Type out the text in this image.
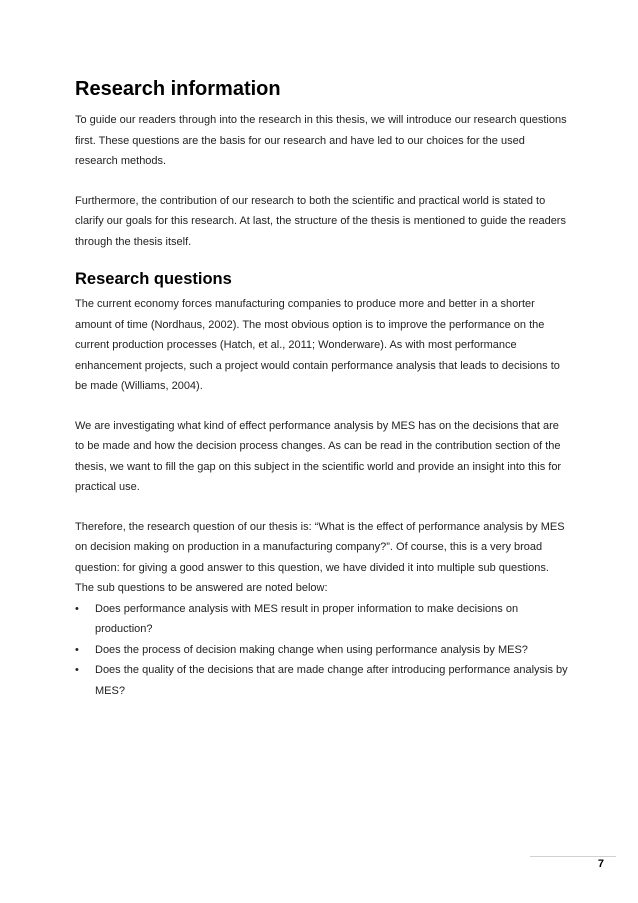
Research information

To guide our readers through into the research in this thesis, we will introduce our research questions first. These questions are the basis for our research and have led to our choices for the used research methods.

Furthermore, the contribution of our research to both the scientific and practical world is stated to clarify our goals for this research. At last, the structure of the thesis is mentioned to guide the readers through the thesis itself.

Research questions

The current economy forces manufacturing companies to produce more and better in a shorter amount of time (Nordhaus, 2002). The most obvious option is to improve the performance on the current production processes (Hatch, et al., 2011; Wonderware). As with most performance enhancement projects, such a project would contain performance analysis that leads to decisions to be made (Williams, 2004).

We are investigating what kind of effect performance analysis by MES has on the decisions that are to be made and how the decision process changes. As can be read in the contribution section of the thesis, we want to fill the gap on this subject in the scientific world and provide an insight into this for practical use.

Therefore, the research question of our thesis is: “What is the effect of performance analysis by MES on decision making on production in a manufacturing company?”. Of course, this is a very broad question: for giving a good answer to this question, we have divided it into multiple sub questions. The sub questions to be answered are noted below:

•	Does performance analysis with MES result in proper information to make decisions on production?
•	Does the process of decision making change when using performance analysis by MES?
•	Does the quality of the decisions that are made change after introducing performance analysis by MES?
7
